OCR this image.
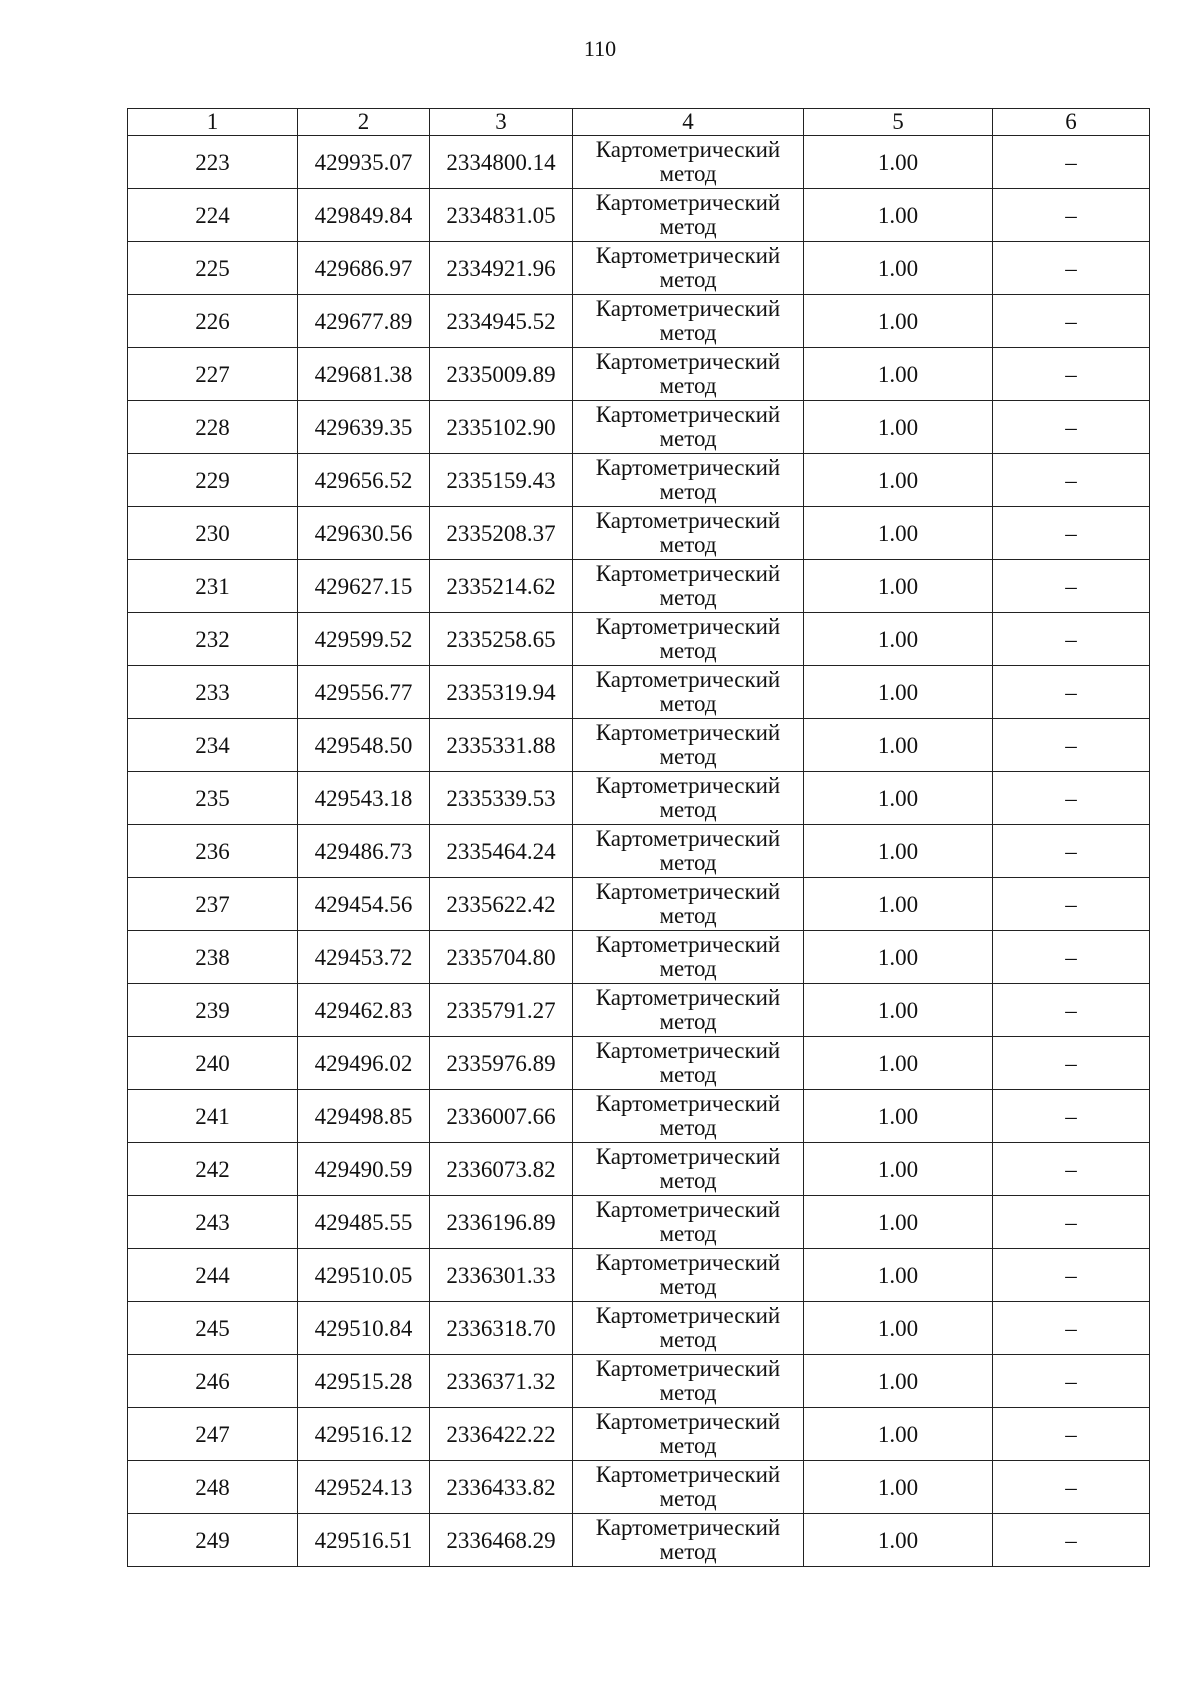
110
1	2	3	4	5	6
223	429935.07	2334800.14	Картометрический метод	1.00	–
224	429849.84	2334831.05	Картометрический метод	1.00	–
225	429686.97	2334921.96	Картометрический метод	1.00	–
226	429677.89	2334945.52	Картометрический метод	1.00	–
227	429681.38	2335009.89	Картометрический метод	1.00	–
228	429639.35	2335102.90	Картометрический метод	1.00	–
229	429656.52	2335159.43	Картометрический метод	1.00	–
230	429630.56	2335208.37	Картометрический метод	1.00	–
231	429627.15	2335214.62	Картометрический метод	1.00	–
232	429599.52	2335258.65	Картометрический метод	1.00	–
233	429556.77	2335319.94	Картометрический метод	1.00	–
234	429548.50	2335331.88	Картометрический метод	1.00	–
235	429543.18	2335339.53	Картометрический метод	1.00	–
236	429486.73	2335464.24	Картометрический метод	1.00	–
237	429454.56	2335622.42	Картометрический метод	1.00	–
238	429453.72	2335704.80	Картометрический метод	1.00	–
239	429462.83	2335791.27	Картометрический метод	1.00	–
240	429496.02	2335976.89	Картометрический метод	1.00	–
241	429498.85	2336007.66	Картометрический метод	1.00	–
242	429490.59	2336073.82	Картометрический метод	1.00	–
243	429485.55	2336196.89	Картометрический метод	1.00	–
244	429510.05	2336301.33	Картометрический метод	1.00	–
245	429510.84	2336318.70	Картометрический метод	1.00	–
246	429515.28	2336371.32	Картометрический метод	1.00	–
247	429516.12	2336422.22	Картометрический метод	1.00	–
248	429524.13	2336433.82	Картометрический метод	1.00	–
249	429516.51	2336468.29	Картометрический метод	1.00	–
